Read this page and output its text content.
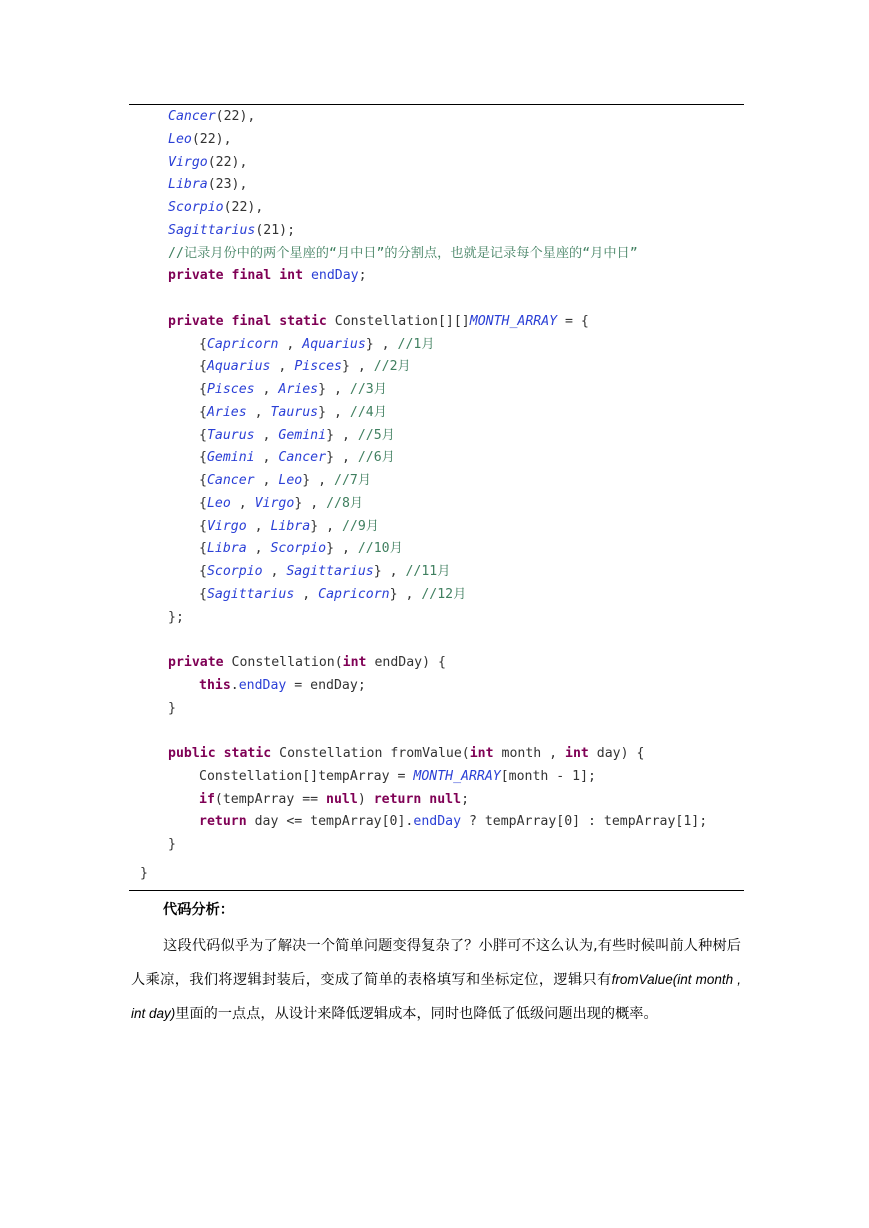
Cancer(22),
Leo(22),
Virgo(22),
Libra(23),
Scorpio(22),
Sagittarius(21);
//记录月份中的两个星座的“月中日”的分割点，也就是记录每个星座的“月中日”
private final int endDay;
private final static Constellation[][]MONTH_ARRAY = {
{Capricorn , Aquarius} , //1月
{Aquarius , Pisces} , //2月
{Pisces , Aries} , //3月
{Aries , Taurus} , //4月
{Taurus , Gemini} , //5月
{Gemini , Cancer} , //6月
{Cancer , Leo} , //7月
{Leo , Virgo} , //8月
{Virgo , Libra} , //9月
{Libra , Scorpio} , //10月
{Scorpio , Sagittarius} , //11月
{Sagittarius , Capricorn} , //12月
};
private Constellation(int endDay) {
this.endDay = endDay;
}
public static Constellation fromValue(int month , int day) {
Constellation[]tempArray = MONTH_ARRAY[month - 1];
if(tempArray == null) return null;
return day <= tempArray[0].endDay ? tempArray[0] : tempArray[1];
}
}
代码分析：
这段代码似乎为了解决一个简单问题变得复杂了？小胖可不这么认为,有些时候叫前人种树后人乘凉，我们将逻辑封装后，变成了简单的表格填写和坐标定位，逻辑只有fromValue(int month , int day)里面的一点点，从设计来降低逻辑成本，同时也降低了低级问题出现的概率。
